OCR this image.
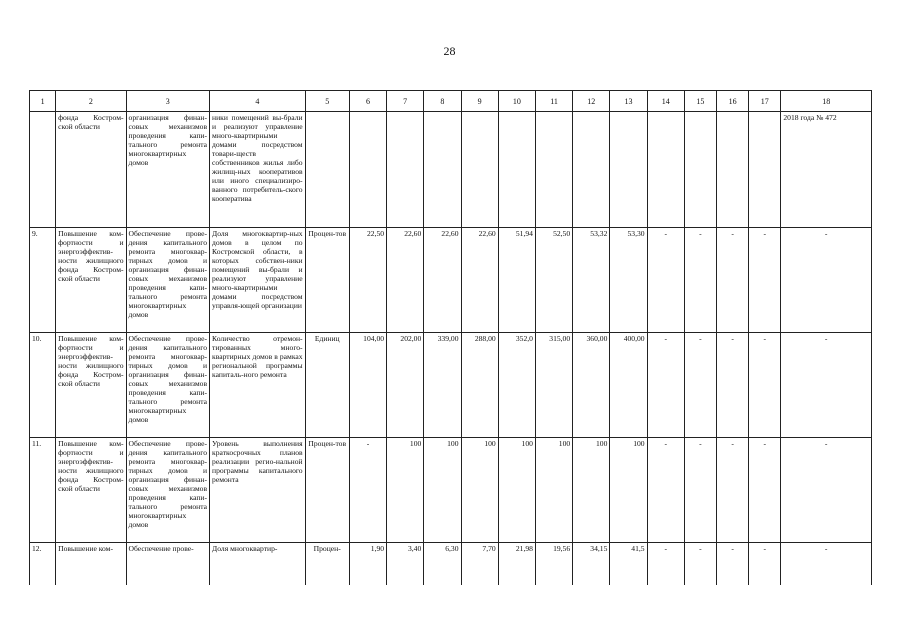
28
1	2	3	4	5	6	7	8	9	10	11	12	13	14	15	16	17	18
	фонда Костром-ской области	организация финан-совых механизмов проведения капи-тального ремонта многоквартирных домов	ники помещений вы-брали и реализуют управление много-квартирными домами посредством товари-ществ собственников жилья либо жилищ-ных кооперативов или иного специализиро-ванного потребитель-ского кооператива														2018 года № 472
9.	Повышение ком-фортности и энергоэффектив-ности жилищного фонда Костром-ской области	Обеспечение прове-дения капитального ремонта многоквар-тирных домов и организация финан-совых механизмов проведения капи-тального ремонта многоквартирных домов	Доля многоквартир-ных домов в целом по Костромской области, в которых собствен-ники помещений вы-брали и реализуют управление много-квартирными домами посредством управля-ющей организации	Процен-тов	22,50	22,60	22,60	22,60	51,94	52,50	53,32	53,30	-	-	-	-	-
10.	Повышение ком-фортности и энергоэффектив-ности жилищного фонда Костром-ской области	Обеспечение прове-дения капитального ремонта многоквар-тирных домов и организация финан-совых механизмов проведения капи-тального ремонта многоквартирных домов	Количество отремон-тированных много-квартирных домов в рамках региональной программы капиталь-ного ремонта	Единиц	104,00	202,00	339,00	288,00	352,0	315,00	360,00	400,00	-	-	-	-	-
11.	Повышение ком-фортности и энергоэффектив-ности жилищного фонда Костром-ской области	Обеспечение прове-дения капитального ремонта многоквар-тирных домов и организация финан-совых механизмов проведения капи-тального ремонта многоквартирных домов	Уровень выполнения краткосрочных планов реализации регио-нальной программы капитального ремонта	Процен-тов	-	100	100	100	100	100	100	100	-	-	-	-	-
12.	Повышение ком-	Обеспечение прове-	Доля многоквартир-	Процен-	1,90	3,40	6,30	7,70	21,98	19,56	34,15	41,5	-	-	-	-	-
